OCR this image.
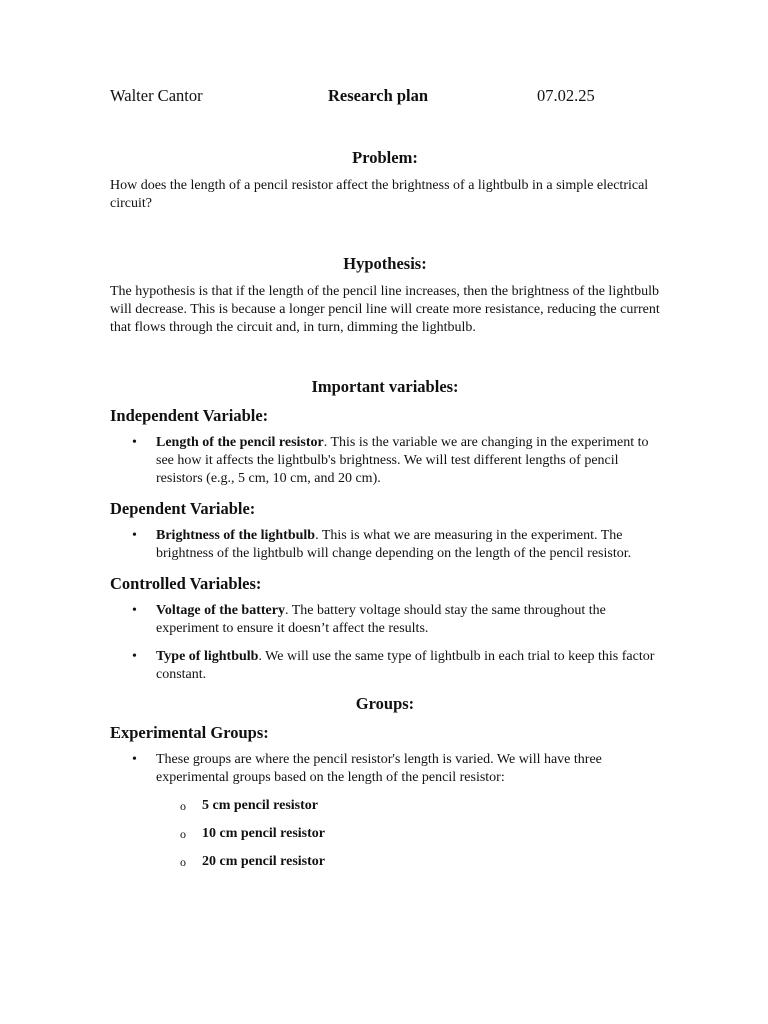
Walter Cantor	Research plan	07.02.25
Problem:

How does the length of a pencil resistor affect the brightness of a lightbulb in a simple electrical circuit?

Hypothesis:

The hypothesis is that if the length of the pencil line increases, then the brightness of the lightbulb will decrease. This is because a longer pencil line will create more resistance, reducing the current that flows through the circuit and, in turn, dimming the lightbulb.

Important variables:
Independent Variable:
• Length of the pencil resistor. This is the variable we are changing in the experiment to see how it affects the lightbulb's brightness. We will test different lengths of pencil resistors (e.g., 5 cm, 10 cm, and 20 cm).
Dependent Variable:
• Brightness of the lightbulb. This is what we are measuring in the experiment. The brightness of the lightbulb will change depending on the length of the pencil resistor.
Controlled Variables:
• Voltage of the battery. The battery voltage should stay the same throughout the experiment to ensure it doesn’t affect the results.
• Type of lightbulb. We will use the same type of lightbulb in each trial to keep this factor constant.
Groups:
Experimental Groups:
• These groups are where the pencil resistor's length is varied. We will have three experimental groups based on the length of the pencil resistor:
o 5 cm pencil resistor
o 10 cm pencil resistor
o 20 cm pencil resistor
